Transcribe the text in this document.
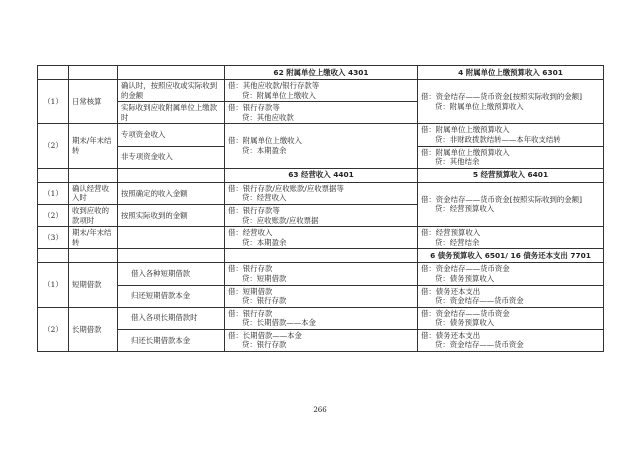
			62 附属单位上缴收入 4301	4 附属单位上缴预算收入 6301
（1）	日常核算	确认时，按照应收或实际收到的金额	借：其他应收款/银行存款等
贷：附属单位上缴收入	借：资金结存——货币资金[按照实际收到的金额]
贷：附属单位上缴预算收入

		实际收到应收附属单位上缴款时	借：银行存款等
贷：其他应收款	

（2）	期末/年末结转	专项资金收入	借：附属单位上缴收入
贷：本期盈余	借：附属单位上缴预算收入
贷：非财政拨款结转——本年收支结转

		非专项资金收入		借：附属单位上缴预算收入
贷：其他结余

			63 经营收入 4401	5 经营预算收入 6401
（1）	确认经营收入时	按照确定的收入金额	借：银行存款/应收账款/应收票据等
贷：经营收入	借：资金结存——货币资金[按照实际收到的金额]
贷：经营预算收入

（2）	收到应收的款项时	按照实际收到的金额	借：银行存款等
贷：应收账款/应收票据	

（3）	期末/年末结转		借：经营收入
贷：本期盈余	借：经营预算收入
贷：经营结余

				6 债务预算收入 6501/ 16 债务还本支出 7701
（1）	短期借款	借入各种短期借款	借：银行存款
贷：短期借款	借：资金结存——货币资金
贷：债务预算收入

		归还短期借款本金	借：短期借款
贷：银行存款	借：债务还本支出
贷：资金结存——货币资金

（2）	长期借款	借入各项长期借款时	借：银行存款
贷：长期借款——本金	借：资金结存——货币资金
贷：债务预算收入

		归还长期借款本金	借：长期借款——本金
贷：银行存款	借：债务还本支出
贷：资金结存——货币资金
266
